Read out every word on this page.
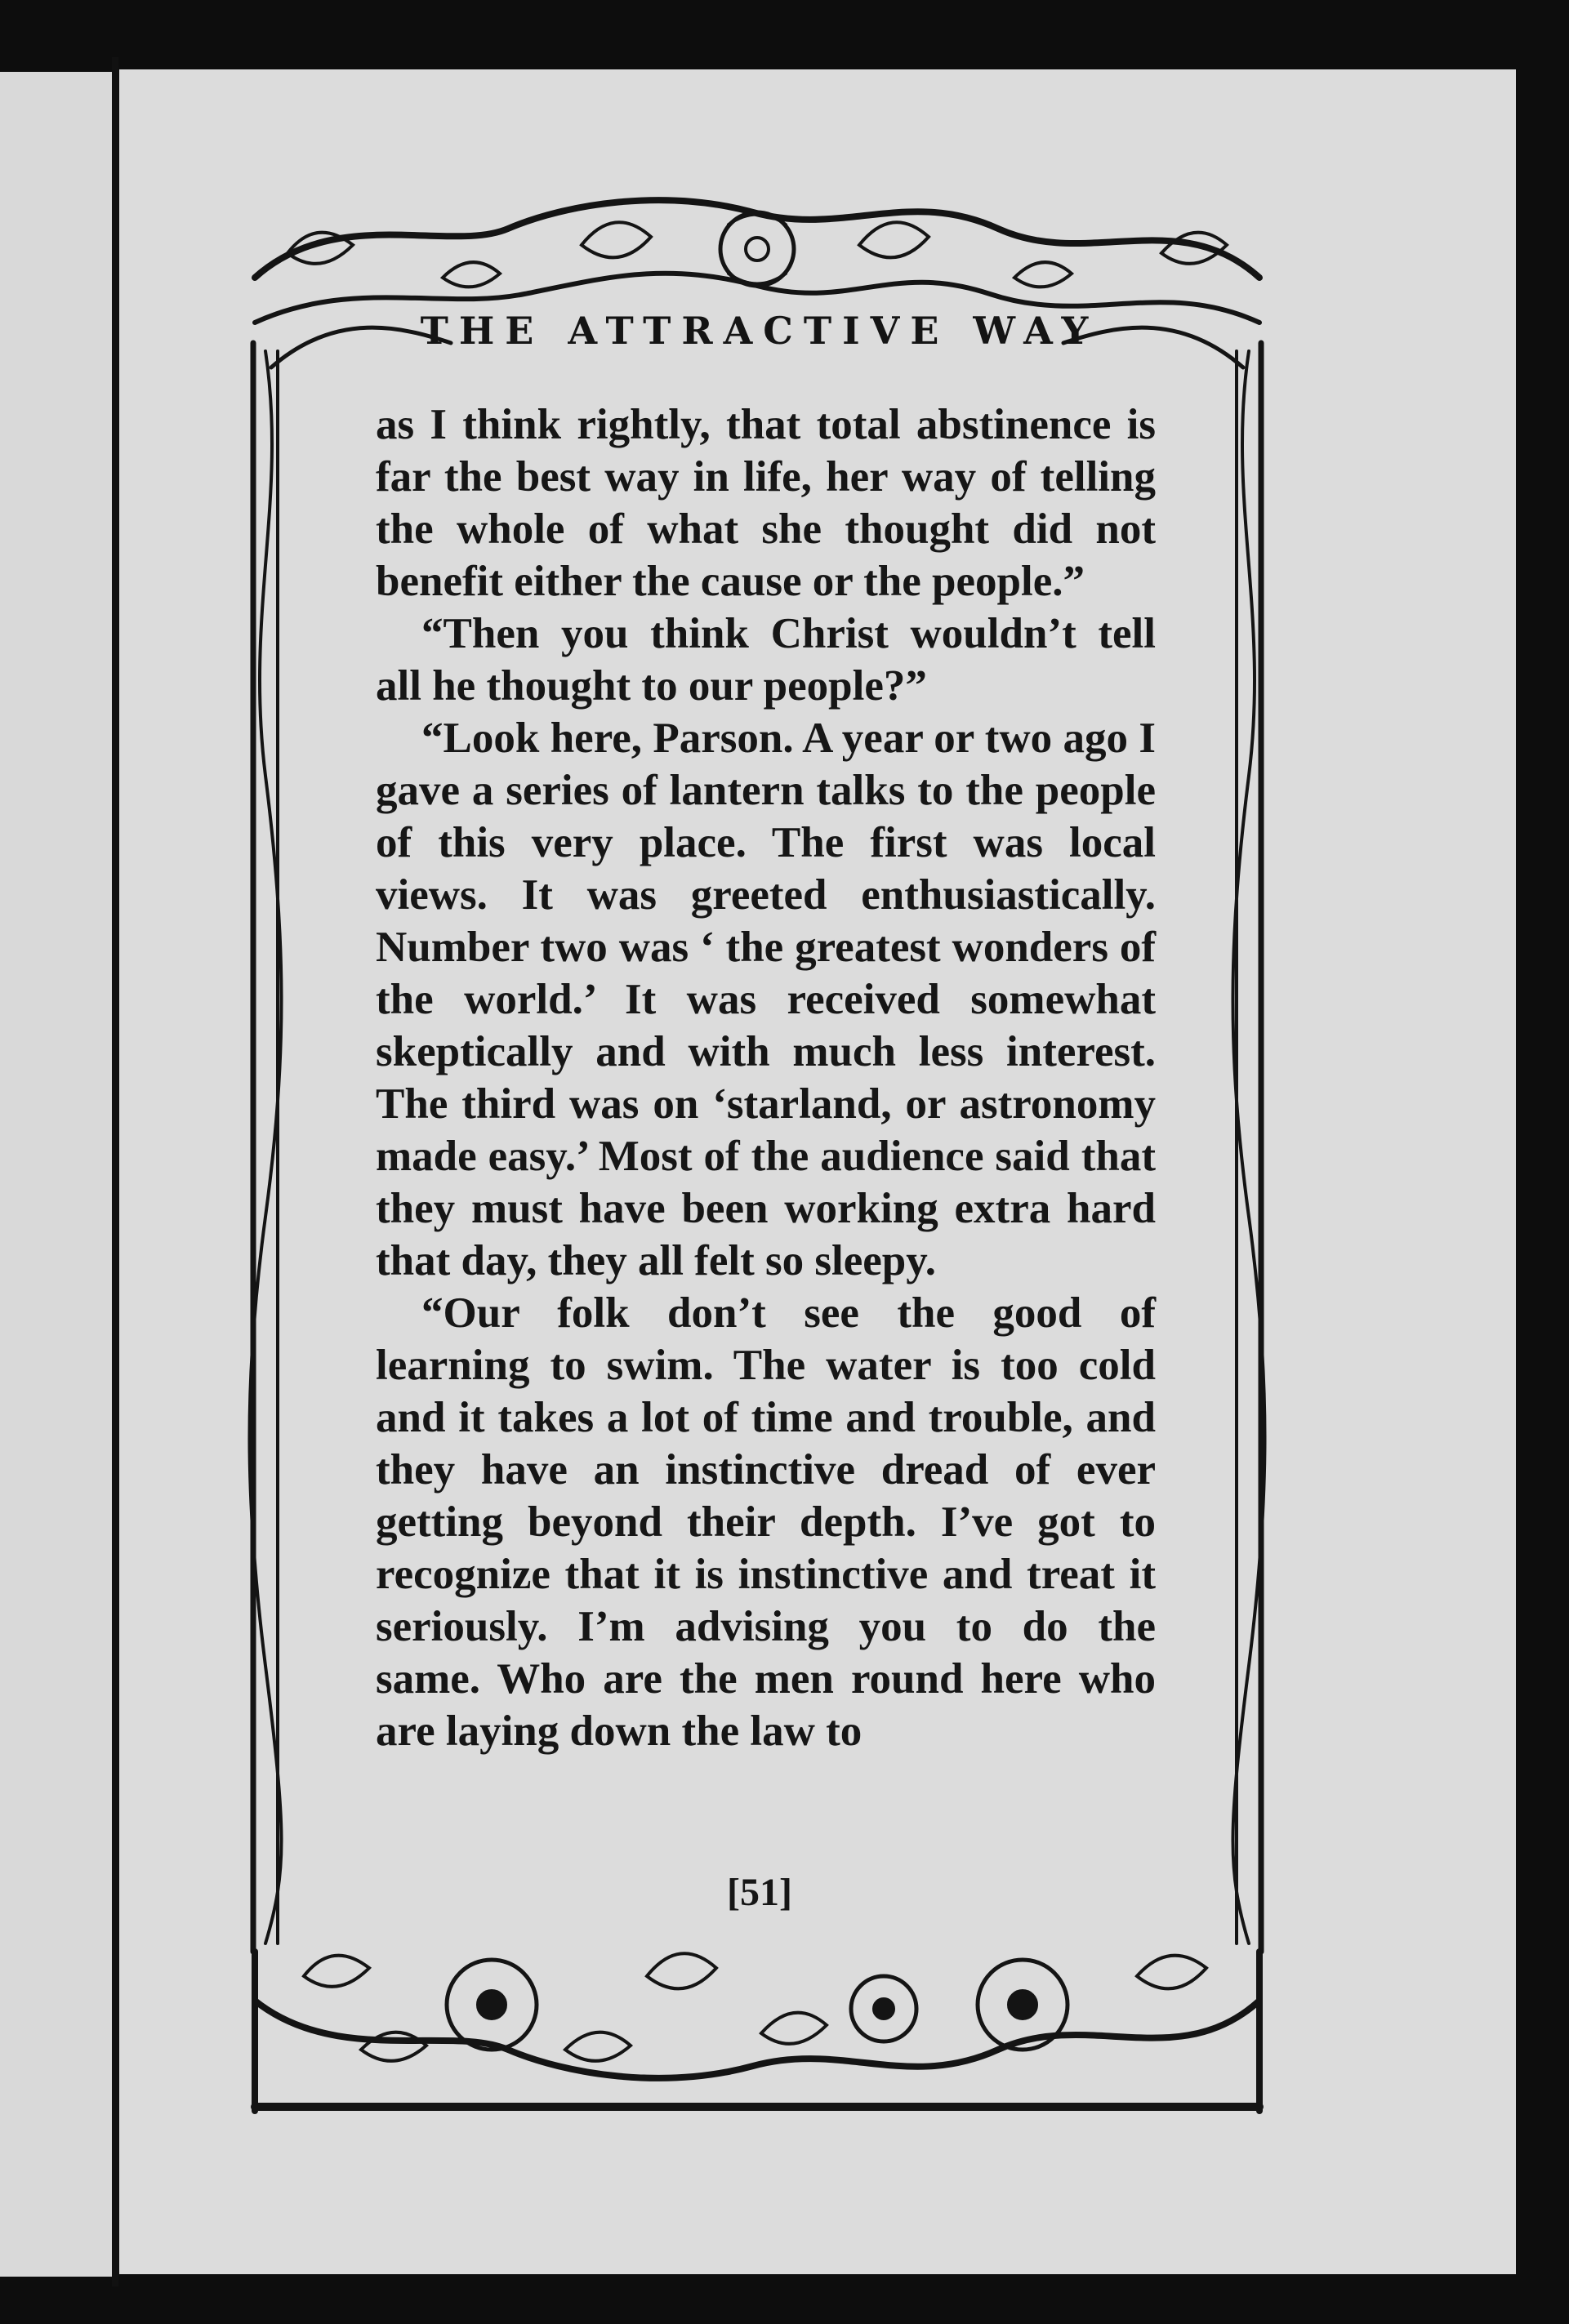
THE ATTRACTIVE WAY

as I think rightly, that total abstinence is far the best way in life, her way of telling the whole of what she thought did not benefit either the cause or the people.”

“Then you think Christ wouldn’t tell all he thought to our people?”

“Look here, Parson. A year or two ago I gave a series of lantern talks to the people of this very place. The first was local views. It was greeted enthusiastically. Number two was ‘ the greatest wonders of the world.’ It was received somewhat skeptically and with much less interest. The third was on ‘starland, or astronomy made easy.’ Most of the audience said that they must have been working extra hard that day, they all felt so sleepy.

“Our folk don’t see the good of learning to swim. The water is too cold and it takes a lot of time and trouble, and they have an instinctive dread of ever getting beyond their depth. I’ve got to recognize that it is instinctive and treat it seriously. I’m advising you to do the same. Who are the men round here who are laying down the law to

[51]
